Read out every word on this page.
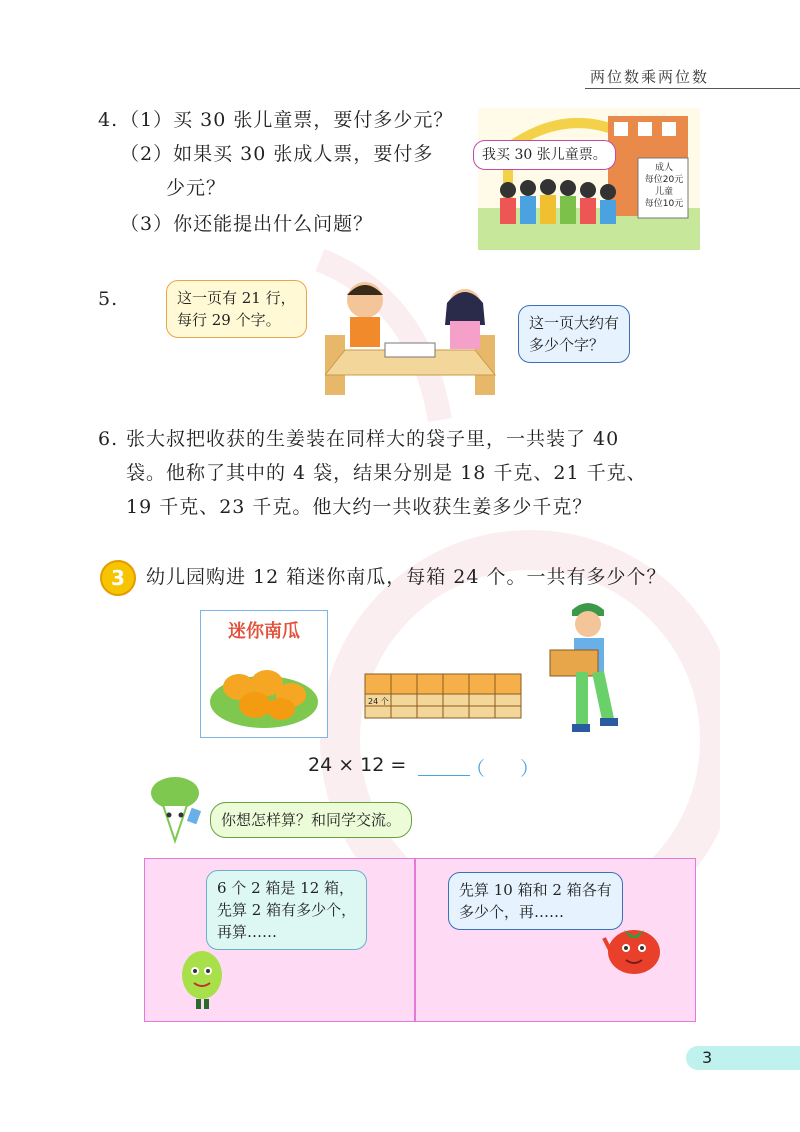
两位数乘两位数
4. （1）买 30 张儿童票，要付多少元？
（2）如果买 30 张成人票，要付多
少元？
（3）你还能提出什么问题？
成人
每位20元
儿童
每位10元
我买 30 张儿童票。
5.	这一页有 21 行，
每行 29 个字。	这一页大约有
多少个字？
6. 张大叔把收获的生姜装在同样大的袋子里，一共装了 40
袋。他称了其中的 4 袋，结果分别是 18 千克、21 千克、
19 千克、23 千克。他大约一共收获生姜多少千克？
3	幼儿园购进 12 箱迷你南瓜，每箱 24 个。一共有多少个？
迷你南瓜
24 个
24 × 12 =	（ ）
你想怎样算？和同学交流。
6 个 2 箱是 12 箱，
先算 2 箱有多少个，
再算……
先算 10 箱和 2 箱各有
多少个，再……
3
